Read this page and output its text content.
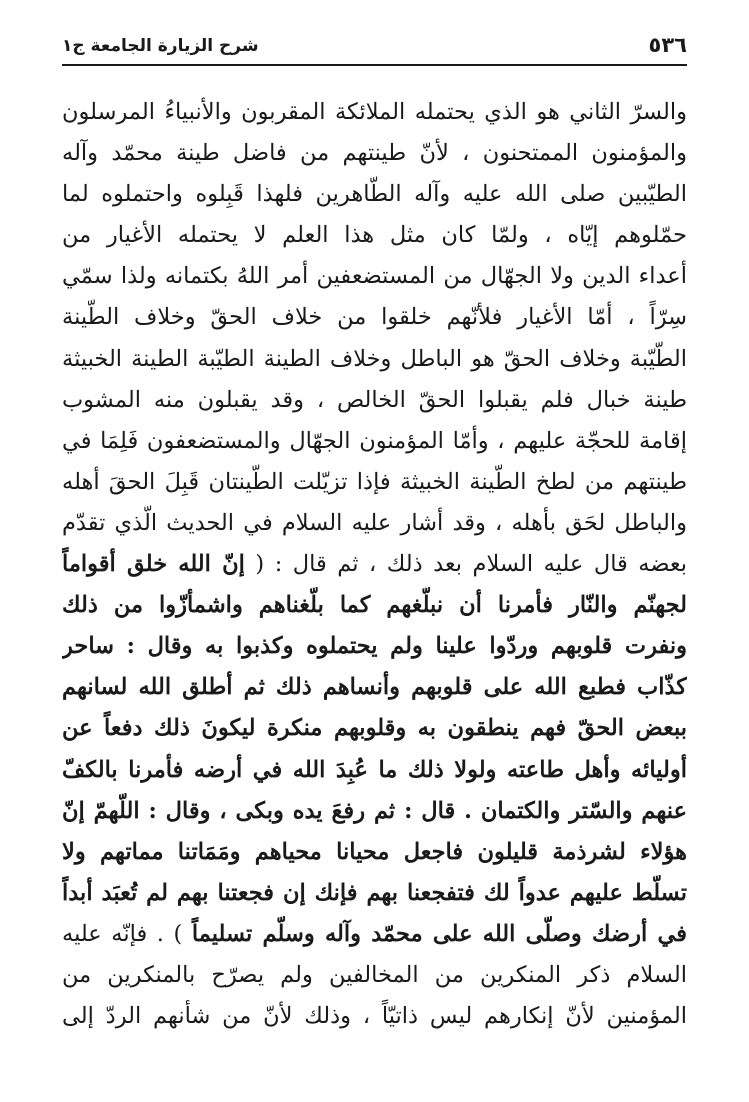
٥٣٦
شرح الزيارة الجامعة ج١
والسرّ الثاني هو الذي يحتمله الملائكة المقربون والأنبياءُ المرسلون
والمؤمنون الممتحنون ، لأنّ طينتهم من فاضل طينة محمّد وآله
الطيّبين صلى الله عليه وآله الطّاهرين فلهذا قَبِلوه واحتملوه لما
حمّلوهم إيّاه ، ولمّا كان مثل هذا العلم لا يحتمله الأغيار من
أعداء الدين ولا الجهّال من المستضعفين أمر اللهُ بكتمانه ولذا سمّي
سِرّاً ، أمّا الأغيار فلأنّهم خلقوا من خلاف الحقّ وخلاف الطّينة
الطّيّبة وخلاف الحقّ هو الباطل وخلاف الطينة الطيّبة الطينة الخبيثة
طينة خبال فلم يقبلوا الحقّ الخالص ، وقد يقبلون منه المشوب
إقامة للحجّة عليهم ، وأمّا المؤمنون الجهّال والمستضعفون فَلِمَا في
طينتهم من لطخ الطّينة الخبيثة فإذا تزيّلت الطّينتان قَبِلَ الحقَ أهله
والباطل لحَق بأهله ، وقد أشار عليه السلام في الحديث الّذي تقدّم
بعضه قال عليه السلام بعد ذلك ، ثم قال : ( إنّ الله خلق أقواماً
لجهنّم والنّار فأمرنا أن نبلّغهم كما بلّغناهم واشمأزّوا من ذلك
ونفرت قلوبهم وردّوا علينا ولم يحتملوه وكذبوا به وقال : ساحر
كذّاب فطبع الله على قلوبهم وأنساهم ذلك ثم أطلق الله لسانهم
ببعض الحقّ فهم ينطقون به وقلوبهم منكرة ليكونَ ذلك دفعاً عن
أوليائه وأهل طاعته ولولا ذلك ما عُبِدَ الله في أرضه فأمرنا بالكفّ
عنهم والسّتر والكتمان . قال : ثم رفعَ يده وبكى ، وقال : اللّهمّ إنّ
هؤلاء لشرذمة قليلون فاجعل محيانا محياهم ومَمَاتنا مماتهم ولا
تسلّط عليهم عدواً لك فتفجعنا بهم فإنك إن فجعتنا بهم لم تُعبَد أبداً
في أرضك وصلّى الله على محمّد وآله وسلّم تسليماً ) . فإنّه عليه
السلام ذكر المنكرين من المخالفين ولم يصرّح بالمنكرين من
المؤمنين لأنّ إنكارهم ليس ذاتيّاً ، وذلك لأنّ من شأنهم الردّ إلى
